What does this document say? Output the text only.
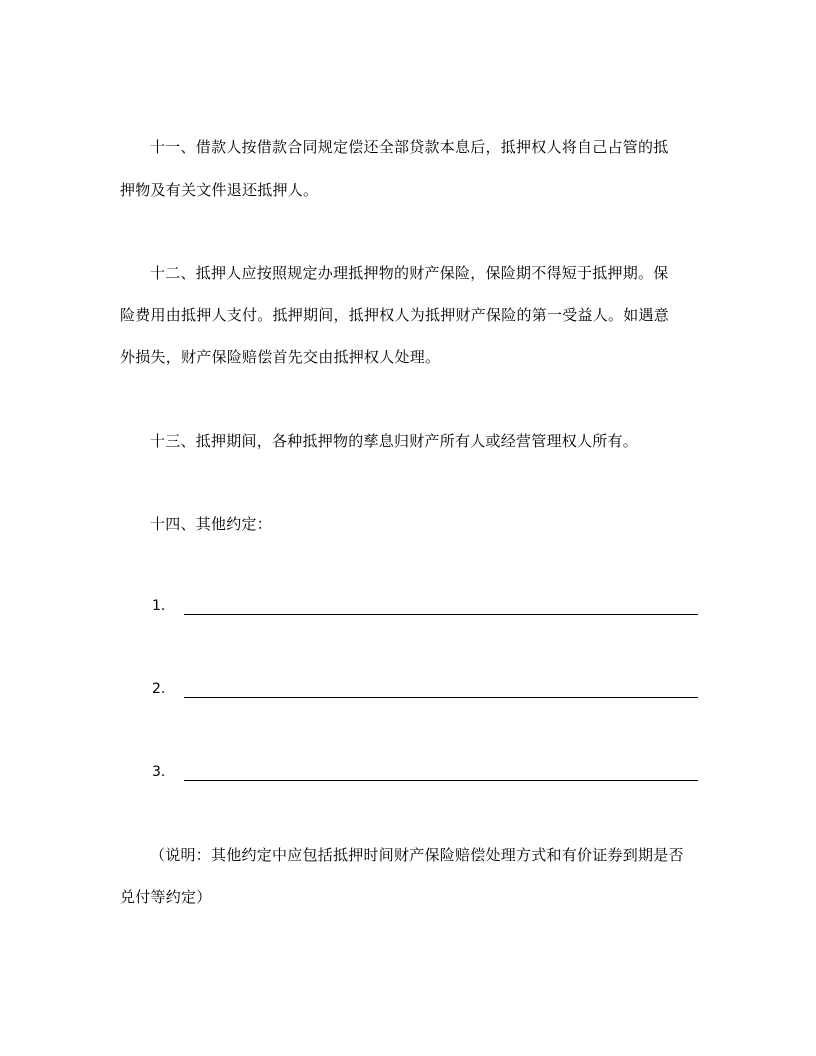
十一、借款人按借款合同规定偿还全部贷款本息后，抵押权人将自己占管的抵
押物及有关文件退还抵押人。
十二、抵押人应按照规定办理抵押物的财产保险，保险期不得短于抵押期。保
险费用由抵押人支付。抵押期间，抵押权人为抵押财产保险的第一受益人。如遇意
外损失，财产保险赔偿首先交由抵押权人处理。
十三、抵押期间，各种抵押物的孳息归财产所有人或经营管理权人所有。
十四、其他约定：
1.
2.
3.
（说明：其他约定中应包括抵押时间财产保险赔偿处理方式和有价证券到期是否
兑付等约定）
